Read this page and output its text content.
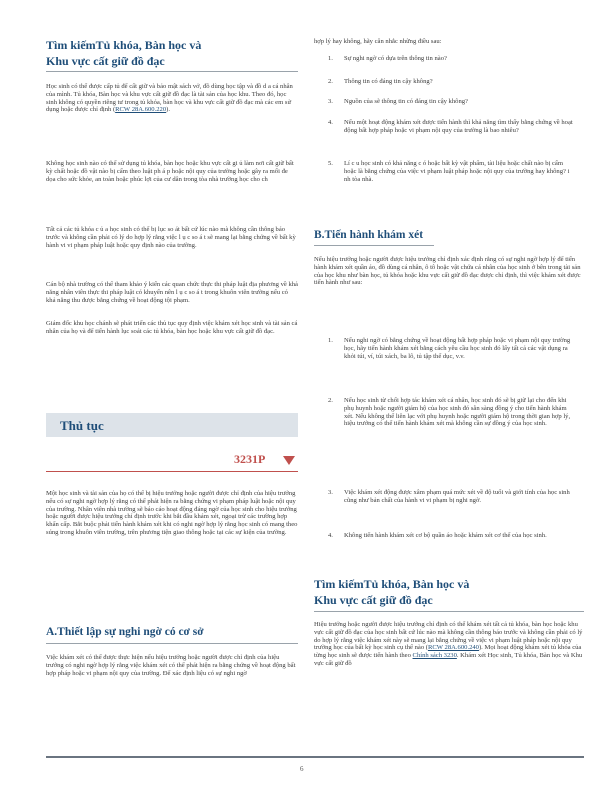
Tìm kiếmTủ khóa, Bàn học và
Khu vực cất giữ đồ đạc

Học sinh có thể được cấp tủ để cất giữ và bảo mật sách vở, đồ dùng học tập và đồ d a cá nhân của mình. Tủ khóa, Bàn học và khu vực cất giữ đồ đạc là tài sản của học khu. Theo đó, học sinh không có quyền riêng tư trong tủ khóa, bàn học và khu vực cất giữ đồ đạc mà các em sử dụng hoặc được chỉ định (RCW 28A.600.220).

Không học sinh nào có thể sử dụng tủ khóa, bàn học hoặc khu vực cất gi ủ làm nơi cất giữ bất kỳ chất hoặc đồ vật nào bị cấm theo luật ph á p hoặc nội quy của trường hoặc gây ra mối đe dọa cho sức khỏe, an toàn hoặc phúc lợi của cư dân trong tòa nhà trường học cho ch

Tất cả các tủ khóa c ủ a học sinh có thể bị lục so át bất cứ lúc nào mà không cần thông báo trước và không cần phải có lý do hợp lý rằng việc l ụ c so á t sẽ mang lại bằng chứng về bất kỳ hành vi vi phạm pháp luật hoặc quy định nào của trường.

Cán bộ nhà trường có thể tham khảo ý kiến các quan chức thực thi pháp luật địa phương về khả năng nhân viên thực thi pháp luật có khuyến nên l ụ c so á t trong khuôn viên trường nếu có khả năng thu được bằng chứng về hoạt động tội phạm.

Giám đốc khu học chánh sẽ phát triển các thủ tục quy định việc khám xét học sinh và tài sản cá nhân của họ và để tiến hành lục soát các tủ khóa, bàn học hoặc khu vực cất giữ đồ đạc.

Thủ tục
3231P

Một học sinh và tài sản của họ có thể bị hiệu trưởng hoặc người được chỉ định của hiệu trưởng nếu có sự nghi ngờ hợp lý rằng có thể phát hiện ra bằng chứng vi phạm pháp luật hoặc nội quy của trường. Nhân viên nhà trường sẽ báo cáo hoạt động đáng ngờ của học sinh cho hiệu trưởng hoặc người được hiệu trưởng chỉ định trước khi bắt đầu khám xét, ngoại trừ các trường hợp khẩn cấp. Bắt buộc phải tiến hành khám xét khi có nghi ngờ hợp lý rằng học sinh có mang theo súng trong khuôn viên trường, trên phương tiện giao thông hoặc tại các sự kiện của trường.

A.Thiết lập sự nghi ngờ có cơ sở

Việc khám xét có thể được thực hiện nếu hiệu trưởng hoặc người được chỉ định của hiệu trưởng có nghi ngờ hợp lý rằng việc khám xét có thể phát hiện ra bằng chứng về hoạt động bất hợp pháp hoặc vi phạm nội quy của trường. Để xác định liệu có sự nghi ngờ

hợp lý hay không, hãy cân nhắc những điều sau:

1. Sự nghi ngờ có dựa trên thông tin nào?

2. Thông tin có đáng tin cậy không?

3. Nguồn của sẽ thông tin có đáng tin cậy không?

4. Nếu một hoạt động khám xét được tiến hành thì khả năng tìm thấy bằng chứng về hoạt động bất hợp pháp hoặc vi phạm nội quy của trường là bao nhiêu?

5. Lí c u học sinh có khả năng c ó hoặc bất kỳ vật phẩm, tài liệu hoặc chất nào bị cấm hoặc là bằng chứng của việc vi phạm luật pháp hoặc nội quy của trường hay không? i nh tòa nhà.

B.Tiến hành khám xét

Nếu hiệu trưởng hoặc người được hiệu trưởng chỉ định xác định rằng có sự nghi ngờ hợp lý để tiến hành khám xét quần áo, đồ dùng cá nhân, ô tô hoặc vật chứa cá nhân của học sinh ở bên trong tài sản của học khu như bàn học, tủ khóa hoặc khu vực cất giữ đồ đạc được chỉ định, thì việc khám xét được tiến hành như sau:

1. Nếu nghi ngờ có bằng chứng về hoạt động bất hợp pháp hoặc vi phạm nội quy trường học, hãy tiến hành khám xét bằng cách yêu cầu học sinh đó lấy tất cả các vật dụng ra khỏi túi, ví, túi xách, ba lô, tủ tập thể dục, v.v.

2. Nếu học sinh từ chối hợp tác khám xét cá nhân, học sinh đó sẽ bị giữ lại cho đến khi phụ huynh hoặc người giám hộ của học sinh đó sẵn sàng đồng ý cho tiến hành khám xét. Nếu không thể liên lạc với phụ huynh hoặc người giám hộ trong thời gian hợp lý, hiệu trưởng có thể tiến hành khám xét mà không cần sự đồng ý của học sinh.

3. Việc khám xét động được xâm phạm quá mức xét về độ tuổi và giới tính của học sinh cũng như bản chất của hành vi vi phạm bị nghi ngờ.

4. Không tiến hành khám xét cơ bộ quần áo hoặc khám xét cơ thể của học sinh.

Tìm kiếmTủ khóa, Bàn học và
Khu vực cất giữ đồ đạc

Hiệu trưởng hoặc người được hiệu trưởng chỉ định có thể khám xét tất cả tủ khóa, bàn học hoặc khu vực cất giữ đồ đạc của học sinh bất cứ lúc nào mà không cần thông báo trước và không cần phải có lý do hợp lý rằng việc khám xét này sẽ mang lại bằng chứng về việc vi phạm luật pháp hoặc nội quy trường học của bất kỳ học sinh cụ thể nào (RCW 28A.600.240). Mọi hoạt động khám xét tủ khóa của từng học sinh sẽ được tiến hành theo Chính sách 3230. Khám xét Học sinh, Tủ khóa, Bàn học và Khu vực cất giữ đồ

6
